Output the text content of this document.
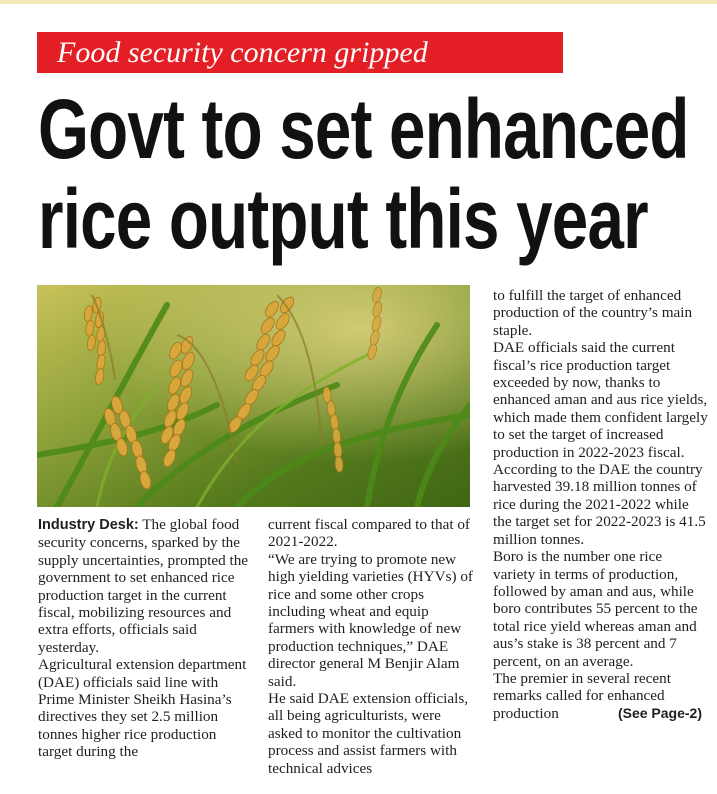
Food security concern gripped
Govt to set enhanced
rice output this year

Industry Desk: The global food security concerns, sparked by the supply uncertainties, prompted the government to set enhanced rice production target in the current fiscal, mobilizing resources and extra efforts, officials said yesterday.

Agricultural extension department (DAE) officials said line with Prime Minister Sheikh Hasina’s directives they set 2.5 million tonnes higher rice production target during the

current fiscal compared to that of 2021-2022.

“We are trying to promote new high yielding varieties (HYVs) of rice and some other crops including wheat and equip farmers with knowledge of new production techniques,” DAE director general M Benjir Alam said.

He said DAE extension officials, all being agriculturists, were asked to monitor the cultivation process and assist farmers with technical advices

to fulfill the target of enhanced production of the country’s main staple.

DAE officials said the current fiscal’s rice production target exceeded by now, thanks to enhanced aman and aus rice yields, which made them confident largely to set the target of increased production in 2022-2023 fiscal.

According to the DAE the country harvested 39.18 million tonnes of rice during the 2021-2022 while the target set for 2022-2023 is 41.5 million tonnes.

Boro is the number one rice variety in terms of production, followed by aman and aus, while boro contributes 55 percent to the total rice yield whereas aman and aus’s stake is 38 percent and 7 percent, on an average.

The premier in several recent remarks called for enhanced production	(See Page-2)
